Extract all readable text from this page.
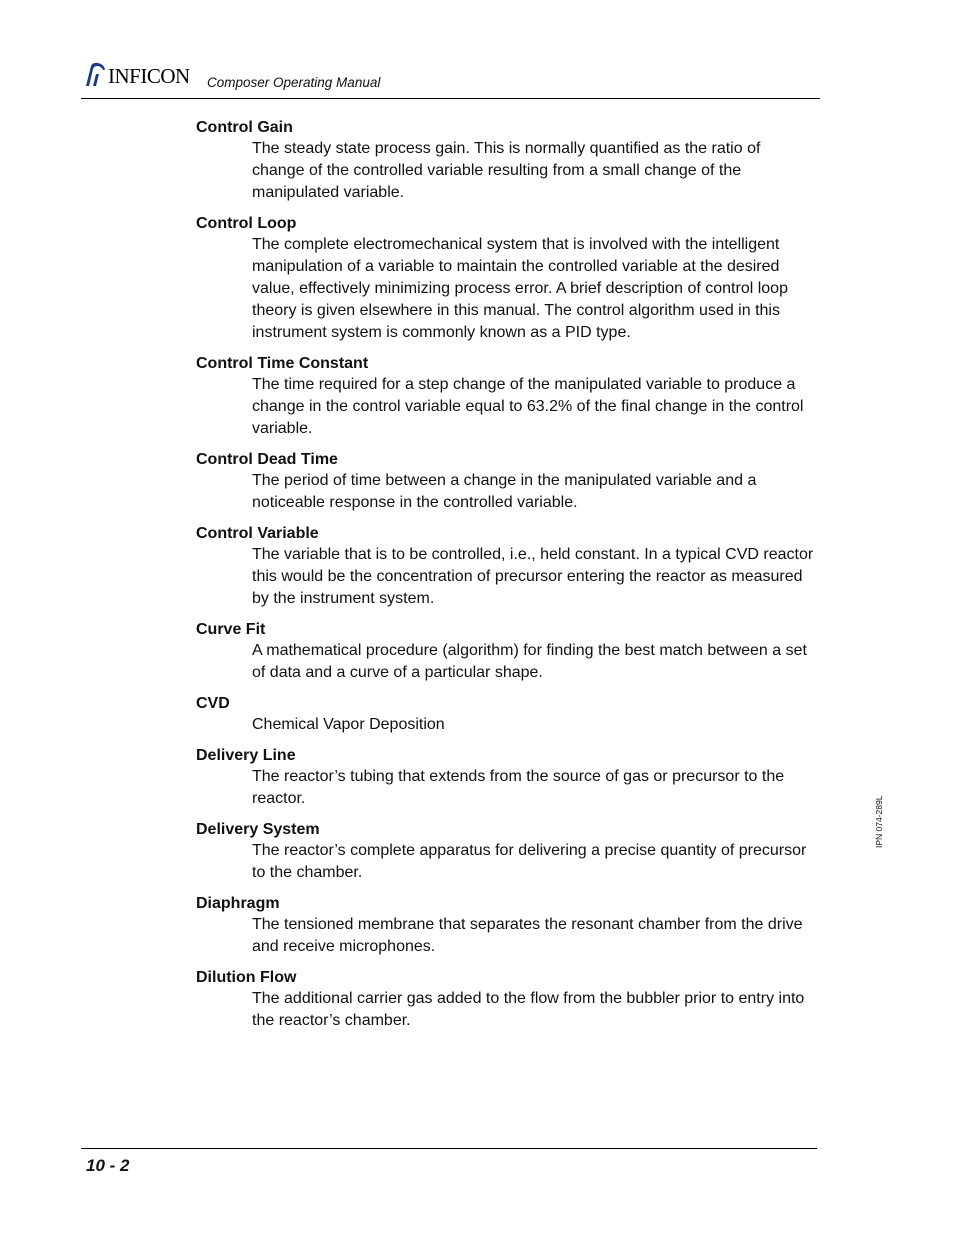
INFICON Composer Operating Manual
Control Gain
The steady state process gain. This is normally quantified as the ratio of change of the controlled variable resulting from a small change of the manipulated variable.
Control Loop
The complete electromechanical system that is involved with the intelligent manipulation of a variable to maintain the controlled variable at the desired value, effectively minimizing process error. A brief description of control loop theory is given elsewhere in this manual. The control algorithm used in this instrument system is commonly known as a PID type.
Control Time Constant
The time required for a step change of the manipulated variable to produce a change in the control variable equal to 63.2% of the final change in the control variable.
Control Dead Time
The period of time between a change in the manipulated variable and a noticeable response in the controlled variable.
Control Variable
The variable that is to be controlled, i.e., held constant. In a typical CVD reactor this would be the concentration of precursor entering the reactor as measured by the instrument system.
Curve Fit
A mathematical procedure (algorithm) for finding the best match between a set of data and a curve of a particular shape.
CVD
Chemical Vapor Deposition
Delivery Line
The reactor’s tubing that extends from the source of gas or precursor to the reactor.
Delivery System
The reactor’s complete apparatus for delivering a precise quantity of precursor to the chamber.
Diaphragm
The tensioned membrane that separates the resonant chamber from the drive and receive microphones.
Dilution Flow
The additional carrier gas added to the flow from the bubbler prior to entry into the reactor’s chamber.
IPN 074-289L
10 - 2
